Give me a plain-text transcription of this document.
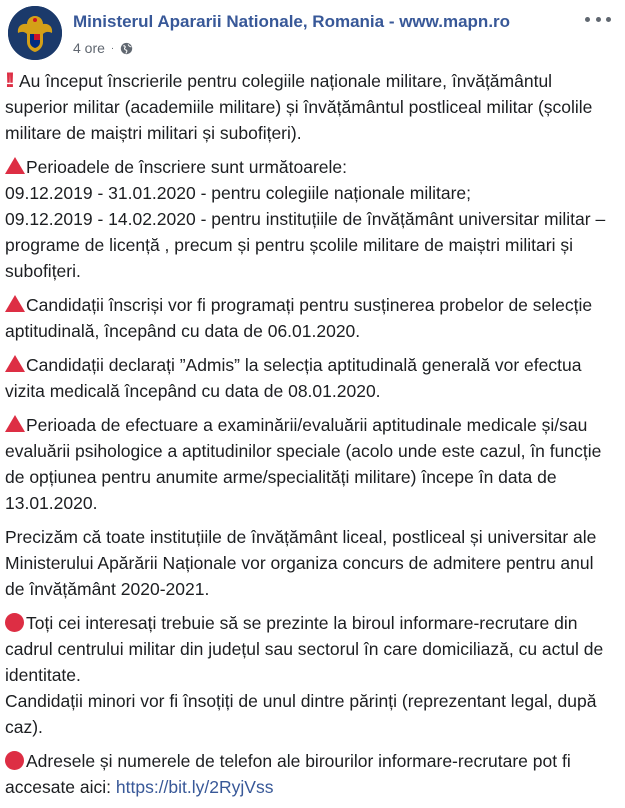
Ministerul Apararii Nationale, Romania - www.mapn.ro
4 ore ·

!! Au început înscrierile pentru colegiile naționale militare, învățământul superior militar (academiile militare) și învățământul postliceal militar (școlile militare de maiștri militari și subofițeri).

Perioadele de înscriere sunt următoarele:
09.12.2019 - 31.01.2020 - pentru colegiile naționale militare;
09.12.2019 - 14.02.2020 - pentru instituțiile de învățământ universitar militar – programe de licență , precum și pentru școlile militare de maiștri militari și subofițeri.

Candidații înscriși vor fi programați pentru susținerea probelor de selecție aptitudinală, începând cu data de 06.01.2020.

Candidații declarați ”Admis” la selecția aptitudinală generală vor efectua vizita medicală începând cu data de 08.01.2020.

Perioada de efectuare a examinării/evaluării aptitudinale medicale și/sau evaluării psihologice a aptitudinilor speciale (acolo unde este cazul, în funcție de opțiunea pentru anumite arme/specialități militare) începe în data de 13.01.2020.

Precizăm că toate instituțiile de învățământ liceal, postliceal și universitar ale Ministerului Apărării Naționale vor organiza concurs de admitere pentru anul de învățământ 2020-2021.

Toți cei interesați trebuie să se prezinte la biroul informare-recrutare din cadrul centrului militar din județul sau sectorul în care domiciliază, cu actul de identitate.
Candidații minori vor fi însoțiți de unul dintre părinți (reprezentant legal, după caz).

Adresele și numerele de telefon ale birourilor informare-recrutare pot fi accesate aici: https://bit.ly/2RyjVss
